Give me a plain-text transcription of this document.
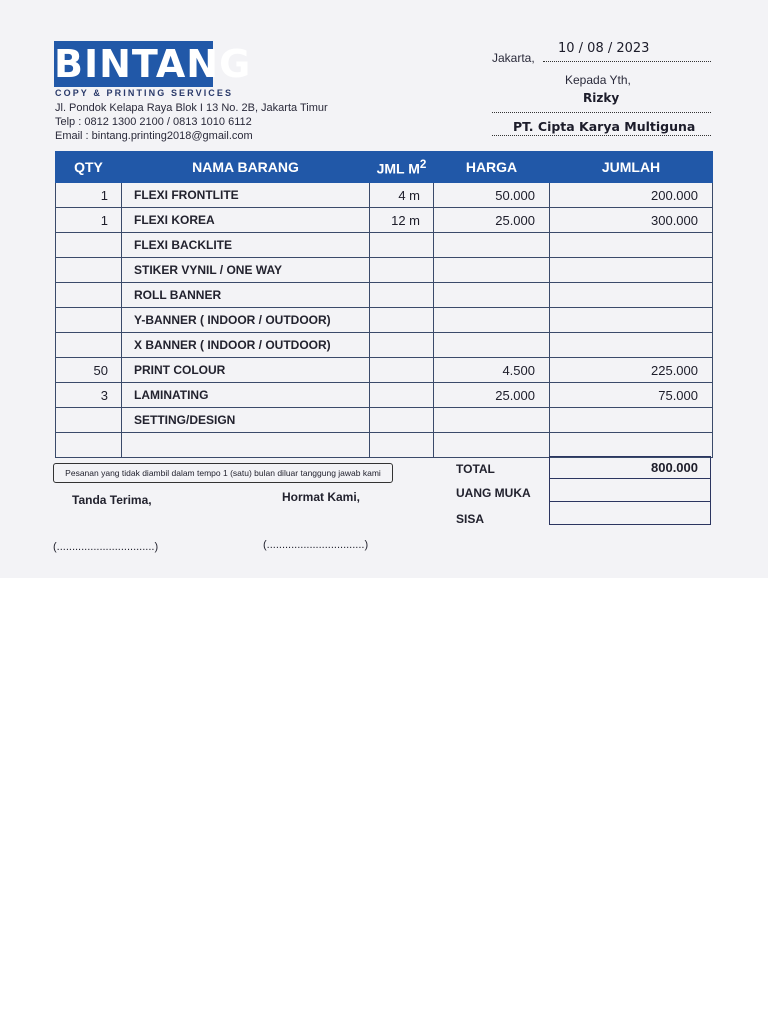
BINTANG
COPY & PRINTING SERVICES
Jl. Pondok Kelapa Raya Blok I 13 No. 2B, Jakarta Timur
Telp : 0812 1300 2100 / 0813 1010 6112
Email : bintang.printing2018@gmail.com
Jakarta,
10 / 08 / 2023
Kepada Yth,
Rizky
PT. Cipta Karya Multiguna
QTY	NAMA BARANG	JML $M^2$	HARGA	JUMLAH
1	FLEXI FRONTLITE	4 m	50.000	200.000
1	FLEXI KOREA	12 m	25.000	300.000
	FLEXI BACKLITE			
	STIKER VYNIL / ONE WAY			
	ROLL BANNER			
	Y-BANNER ( INDOOR / OUTDOOR)			
	X BANNER ( INDOOR / OUTDOOR)			
50	PRINT COLOUR		4.500	225.000
3	LAMINATING		25.000	75.000
	SETTING/DESIGN			

Pesanan yang tidak diambil dalam tempo 1 (satu) bulan diluar tanggung jawab kami	TOTAL	800.000
UANG MUKA
SISA
Tanda Terima,	Hormat Kami,
(................................)	(................................)
